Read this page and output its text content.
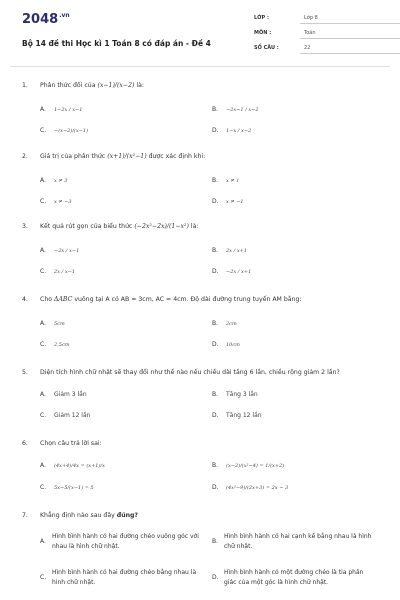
$2048^{.vn}$
Bộ 14 đề thi Học kì 1 Toán 8 có đáp án - Đề 4
LỚP :	Lớp 8
MÔN :	Toán
SỐ CÂU :	22
1. Phân thức đối của (x−1)/(x−2) là:
A. 1−2x / x−1	B. −2x−1 / x−2
C. −(x−2)/(x−1)	D. 1−x / x−2
2. Giá trị của phân thức (x+1)/(x²−1) được xác định khi:
A. x ≠ 3	B. x ≠ 1
C. x ≠ −3	D. x ≠ −1
3. Kết quả rút gọn của biểu thức (−2x²−2x)/(1−x²) là:
A. −2x / x−1	B. 2x / x+1
C. 2x / x−1	D. −2x / x+1
4. Cho ΔABC vuông tại A có AB = 3cm, AC = 4cm. Độ dài đường trung tuyến AM bằng:
A. 5cm	B. 2cm
C. 2,5cm	D. 10cm
5. Diện tích hình chữ nhật sẽ thay đổi như thế nào nếu chiều dài tăng 6 lần, chiều rộng giảm 2 lần?
A. Giảm 3 lần	B. Tăng 3 lần
C. Giảm 12 lần	D. Tăng 12 lần
6. Chọn câu trả lời sai:
A. (4x+4)/4x = (x+1)/x	B. (x−2)/(x²−4) = 1/(x+2)
C. 5x−5/(x−1) = 5	D. (4x²−9)/(2x+3) = 2x − 3
7. Khẳng định nào sau đây đúng?
A.
Hình bình hành có hai đường chéo vuông góc với nhau là hình chữ nhật.
B.
Hình bình hành có hai cạnh kề bằng nhau là hình chữ nhật.
C.
Hình bình hành có hai đường chéo bằng nhau là hình chữ nhật.
D.
Hình bình hành có một đường chéo là tia phân giác của một góc là hình chữ nhật.
